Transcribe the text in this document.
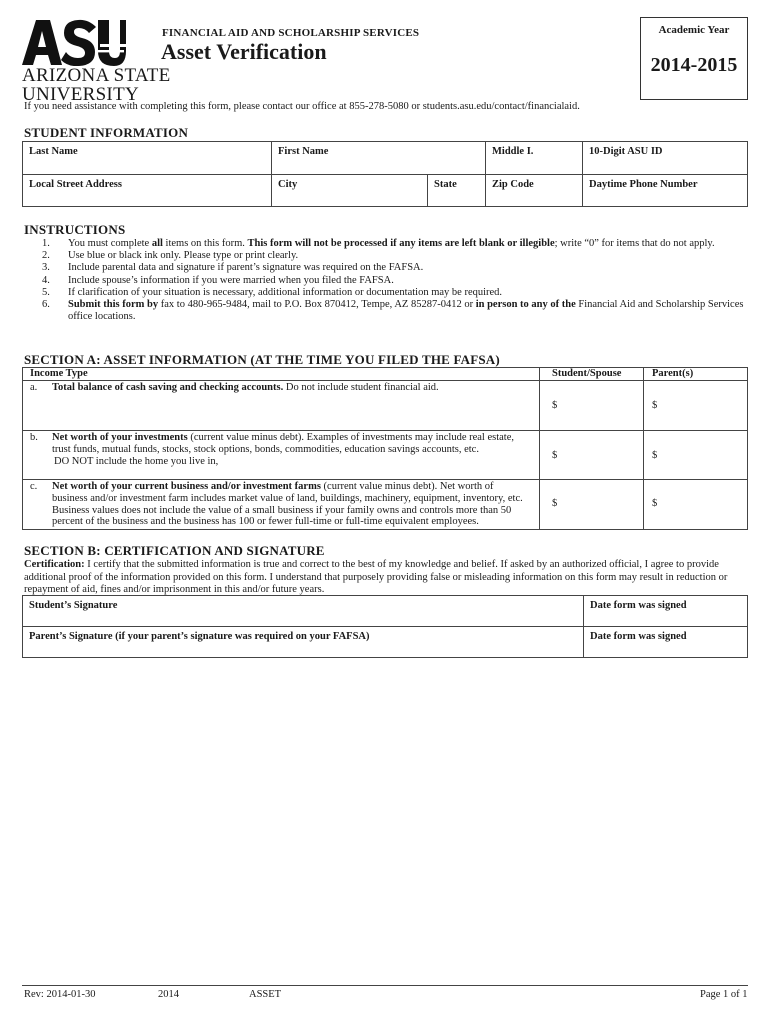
ARIZONA STATE
UNIVERSITY
FINANCIAL AID AND SCHOLARSHIP SERVICES
Asset Verification
Academic Year
2014-2015
If you need assistance with completing this form, please contact our office at 855-278-5080 or students.asu.edu/contact/financialaid.
STUDENT INFORMATION
Last Name	First Name	Middle I.	10-Digit ASU ID
Local Street Address	City	State	Zip Code	Daytime Phone Number
INSTRUCTIONS
1. You must complete all items on this form. This form will not be processed if any items are left blank or illegible; write “0” for items that do not apply.
2. Use blue or black ink only. Please type or print clearly.
3. Include parental data and signature if parent’s signature was required on the FAFSA.
4. Include spouse’s information if you were married when you filed the FAFSA.
5. If clarification of your situation is necessary, additional information or documentation may be required.
6. Submit this form by fax to 480-965-9484, mail to P.O. Box 870412, Tempe, AZ 85287-0412 or in person to any of the Financial Aid and Scholarship Services
office locations.
SECTION A: ASSET INFORMATION (AT THE TIME YOU FILED THE FAFSA)
Income Type	Student/Spouse	Parent(s)
a. Total balance of cash saving and checking accounts. Do not include student financial aid.
$	$
b. Net worth of your investments (current value minus debt). Examples of investments may include real estate,
trust funds, mutual funds, stocks, stock options, bonds, commodities, education savings accounts, etc.
DO NOT include the home you live in,
$	$
c. Net worth of your current business and/or investment farms (current value minus debt). Net worth of
business and/or investment farm includes market value of land, buildings, machinery, equipment, inventory, etc.
Business values does not include the value of a small business if your family owns and controls more than 50
percent of the business and the business has 100 or fewer full-time or full-time equivalent employees.
$	$
SECTION B: CERTIFICATION AND SIGNATURE
Certification: I certify that the submitted information is true and correct to the best of my knowledge and belief. If asked by an authorized official, I agree to provide
additional proof of the information provided on this form. I understand that purposely providing false or misleading information on this form may result in reduction or
repayment of aid, fines and/or imprisonment in this and/or future years.
Student’s Signature	Date form was signed
Parent’s Signature (if your parent’s signature was required on your FAFSA)	Date form was signed
Rev: 2014-01-30	2014	ASSET	Page 1 of 1
